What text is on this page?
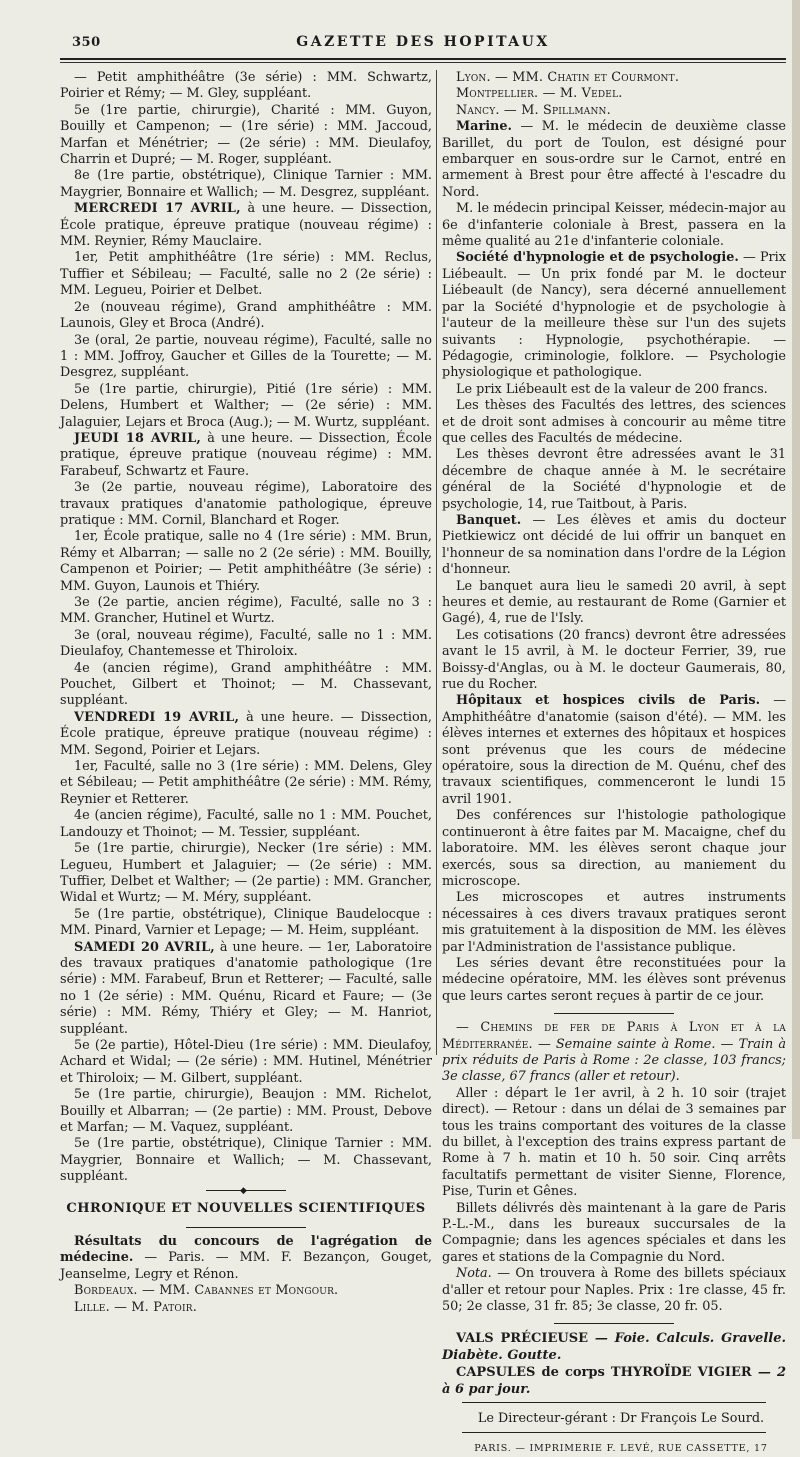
350	GAZETTE DES HOPITAUX

— Petit amphithéâtre (3e série) : MM. Schwartz, Poirier et Rémy; — M. Gley, suppléant.

5e (1re partie, chirurgie), Charité : MM. Guyon, Bouilly et Campenon; — (1re série) : MM. Jaccoud, Marfan et Ménétrier; — (2e série) : MM. Dieulafoy, Charrin et Dupré; — M. Roger, suppléant.

8e (1re partie, obstétrique), Clinique Tarnier : MM. Maygrier, Bonnaire et Wallich; — M. Desgrez, suppléant.

MERCREDI 17 AVRIL, à une heure. — Dissection, École pratique, épreuve pratique (nouveau régime) : MM. Reynier, Rémy Mauclaire.

1er, Petit amphithéâtre (1re série) : MM. Reclus, Tuffier et Sébileau; — Faculté, salle no 2 (2e série) : MM. Legueu, Poirier et Delbet.

2e (nouveau régime), Grand amphithéâtre : MM. Launois, Gley et Broca (André).

3e (oral, 2e partie, nouveau régime), Faculté, salle no 1 : MM. Joffroy, Gaucher et Gilles de la Tourette; — M. Desgrez, suppléant.

5e (1re partie, chirurgie), Pitié (1re série) : MM. Delens, Humbert et Walther; — (2e série) : MM. Jalaguier, Lejars et Broca (Aug.); — M. Wurtz, suppléant.

JEUDI 18 AVRIL, à une heure. — Dissection, École pratique, épreuve pratique (nouveau régime) : MM. Farabeuf, Schwartz et Faure.

3e (2e partie, nouveau régime), Laboratoire des travaux pratiques d'anatomie pathologique, épreuve pratique : MM. Cornil, Blanchard et Roger.

1er, École pratique, salle no 4 (1re série) : MM. Brun, Rémy et Albarran; — salle no 2 (2e série) : MM. Bouilly, Campenon et Poirier; — Petit amphithéâtre (3e série) : MM. Guyon, Launois et Thiéry.

3e (2e partie, ancien régime), Faculté, salle no 3 : MM. Grancher, Hutinel et Wurtz.

3e (oral, nouveau régime), Faculté, salle no 1 : MM. Dieulafoy, Chantemesse et Thiroloix.

4e (ancien régime), Grand amphithéâtre : MM. Pouchet, Gilbert et Thoinot; — M. Chassevant, suppléant.

VENDREDI 19 AVRIL, à une heure. — Dissection, École pratique, épreuve pratique (nouveau régime) : MM. Segond, Poirier et Lejars.

1er, Faculté, salle no 3 (1re série) : MM. Delens, Gley et Sébileau; — Petit amphithéâtre (2e série) : MM. Rémy, Reynier et Retterer.

4e (ancien régime), Faculté, salle no 1 : MM. Pouchet, Landouzy et Thoinot; — M. Tessier, suppléant.

5e (1re partie, chirurgie), Necker (1re série) : MM. Legueu, Humbert et Jalaguier; — (2e série) : MM. Tuffier, Delbet et Walther; — (2e partie) : MM. Grancher, Widal et Wurtz; — M. Méry, suppléant.

5e (1re partie, obstétrique), Clinique Baudelocque : MM. Pinard, Varnier et Lepage; — M. Heim, suppléant.

SAMEDI 20 AVRIL, à une heure. — 1er, Laboratoire des travaux pratiques d'anatomie pathologique (1re série) : MM. Farabeuf, Brun et Retterer; — Faculté, salle no 1 (2e série) : MM. Quénu, Ricard et Faure; — (3e série) : MM. Rémy, Thiéry et Gley; — M. Hanriot, suppléant.

5e (2e partie), Hôtel-Dieu (1re série) : MM. Dieulafoy, Achard et Widal; — (2e série) : MM. Hutinel, Ménétrier et Thiroloix; — M. Gilbert, suppléant.

5e (1re partie, chirurgie), Beaujon : MM. Richelot, Bouilly et Albarran; — (2e partie) : MM. Proust, Debove et Marfan; — M. Vaquez, suppléant.

5e (1re partie, obstétrique), Clinique Tarnier : MM. Maygrier, Bonnaire et Wallich; — M. Chassevant, suppléant.

◆
CHRONIQUE ET NOUVELLES SCIENTIFIQUES

Résultats du concours de l'agrégation de médecine. — Paris. — MM. F. Bezançon, Gouget, Jeanselme, Legry et Rénon.

Bordeaux. — MM. Cabannes et Mongour.

Lille. — M. Patoir.

Lyon. — MM. Chatin et Courmont.

Montpellier. — M. Vedel.

Nancy. — M. Spillmann.

Marine. — M. le médecin de deuxième classe Barillet, du port de Toulon, est désigné pour embarquer en sous-ordre sur le Carnot, entré en armement à Brest pour être affecté à l'escadre du Nord.

M. le médecin principal Keisser, médecin-major au 6e d'infanterie coloniale à Brest, passera en la même qualité au 21e d'infanterie coloniale.

Société d'hypnologie et de psychologie. — Prix Liébeault. — Un prix fondé par M. le docteur Liébeault (de Nancy), sera décerné annuellement par la Société d'hypnologie et de psychologie à l'auteur de la meilleure thèse sur l'un des sujets suivants : Hypnologie, psychothérapie. — Pédagogie, criminologie, folklore. — Psychologie physiologique et pathologique.

Le prix Liébeault est de la valeur de 200 francs.

Les thèses des Facultés des lettres, des sciences et de droit sont admises à concourir au même titre que celles des Facultés de médecine.

Les thèses devront être adressées avant le 31 décembre de chaque année à M. le secrétaire général de la Société d'hypnologie et de psychologie, 14, rue Taitbout, à Paris.

Banquet. — Les élèves et amis du docteur Pietkiewicz ont décidé de lui offrir un banquet en l'honneur de sa nomination dans l'ordre de la Légion d'honneur.

Le banquet aura lieu le samedi 20 avril, à sept heures et demie, au restaurant de Rome (Garnier et Gagé), 4, rue de l'Isly.

Les cotisations (20 francs) devront être adressées avant le 15 avril, à M. le docteur Ferrier, 39, rue Boissy-d'Anglas, ou à M. le docteur Gaumerais, 80, rue du Rocher.

Hôpitaux et hospices civils de Paris. — Amphithéâtre d'anatomie (saison d'été). — MM. les élèves internes et externes des hôpitaux et hospices sont prévenus que les cours de médecine opératoire, sous la direction de M. Quénu, chef des travaux scientifiques, commenceront le lundi 15 avril 1901.

Des conférences sur l'histologie pathologique continueront à être faites par M. Macaigne, chef du laboratoire. MM. les élèves seront chaque jour exercés, sous sa direction, au maniement du microscope.

Les microscopes et autres instruments nécessaires à ces divers travaux pratiques seront mis gratuitement à la disposition de MM. les élèves par l'Administration de l'assistance publique.

Les séries devant être reconstituées pour la médecine opératoire, MM. les élèves sont prévenus que leurs cartes seront reçues à partir de ce jour.

— Chemins de fer de Paris à Lyon et à la Méditerranée. — Semaine sainte à Rome. — Train à prix réduits de Paris à Rome : 2e classe, 103 francs; 3e classe, 67 francs (aller et retour).

Aller : départ le 1er avril, à 2 h. 10 soir (trajet direct). — Retour : dans un délai de 3 semaines par tous les trains comportant des voitures de la classe du billet, à l'exception des trains express partant de Rome à 7 h. matin et 10 h. 50 soir. Cinq arrêts facultatifs permettant de visiter Sienne, Florence, Pise, Turin et Gênes.

Billets délivrés dès maintenant à la gare de Paris P.-L.-M., dans les bureaux succursales de la Compagnie; dans les agences spéciales et dans les gares et stations de la Compagnie du Nord.

Nota. — On trouvera à Rome des billets spéciaux d'aller et retour pour Naples. Prix : 1re classe, 45 fr. 50; 2e classe, 31 fr. 85; 3e classe, 20 fr. 05.

VALS PRÉCIEUSE — Foie. Calculs. Gravelle. Diabète. Goutte.

CAPSULES de corps THYROÏDE VIGIER — 2 à 6 par jour.

Le Directeur-gérant : Dr François Le Sourd.

PARIS. — IMPRIMERIE F. LEVÉ, RUE CASSETTE, 17
